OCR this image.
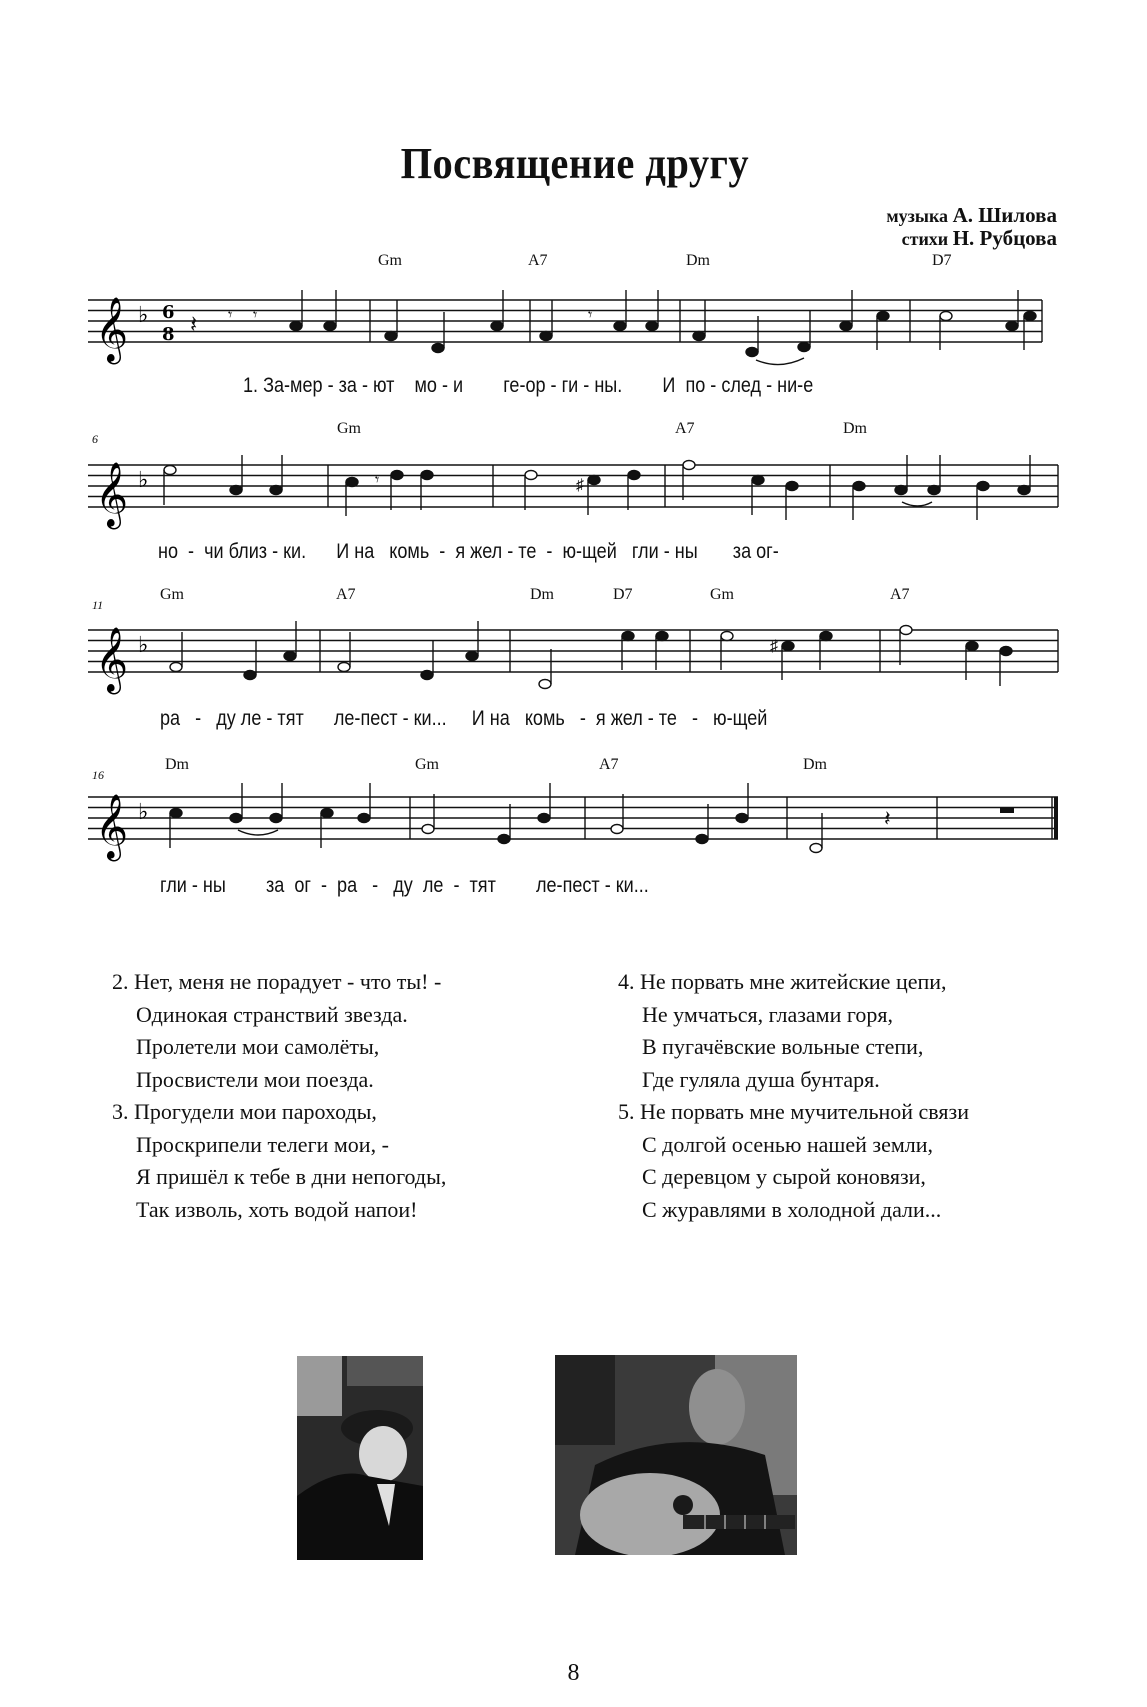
Посвящение другу
музыка А. Шилова
стихи Н. Рубцова
Gm	A7	Dm	D7
𝄞 ♭ 6
8 𝄽 𝄾 𝄾	𝄾
1. За-мер - за - ют    мо - и        ге-ор - ги - ны.        И  по - след - ни-е
6
Gm	A7	Dm
𝄞 ♭	𝄾	♯
но  -  чи близ - ки.      И на   комь  -  я жел - те  -  ю-щей   гли - ны       за ог-
11
Gm	A7	Dm	D7	Gm	A7
𝄞 ♭	♯
ра   -   ду ле - тят      ле-пест - ки...     И на   комь   -  я жел - те   -   ю-щей
16
Dm	Gm	A7	Dm
𝄞 ♭	𝄽
гли - ны        за  ог  -  ра   -   ду  ле  -  тят        ле-пест - ки...
2. Нет, меня не порадует - что ты! -
Одинокая странствий звезда.
Пролетели мои самолёты,
Просвистели мои поезда.
3. Прогудели мои пароходы,
Проскрипели телеги мои, -
Я пришёл к тебе в дни непогоды,
Так изволь, хоть водой напои!
4. Не порвать мне житейские цепи,
Не умчаться, глазами горя,
В пугачёвские вольные степи,
Где гуляла душа бунтаря.
5. Не порвать мне мучительной связи
С долгой осенью нашей земли,
С деревцом у сырой коновязи,
С журавлями в холодной дали...
8
